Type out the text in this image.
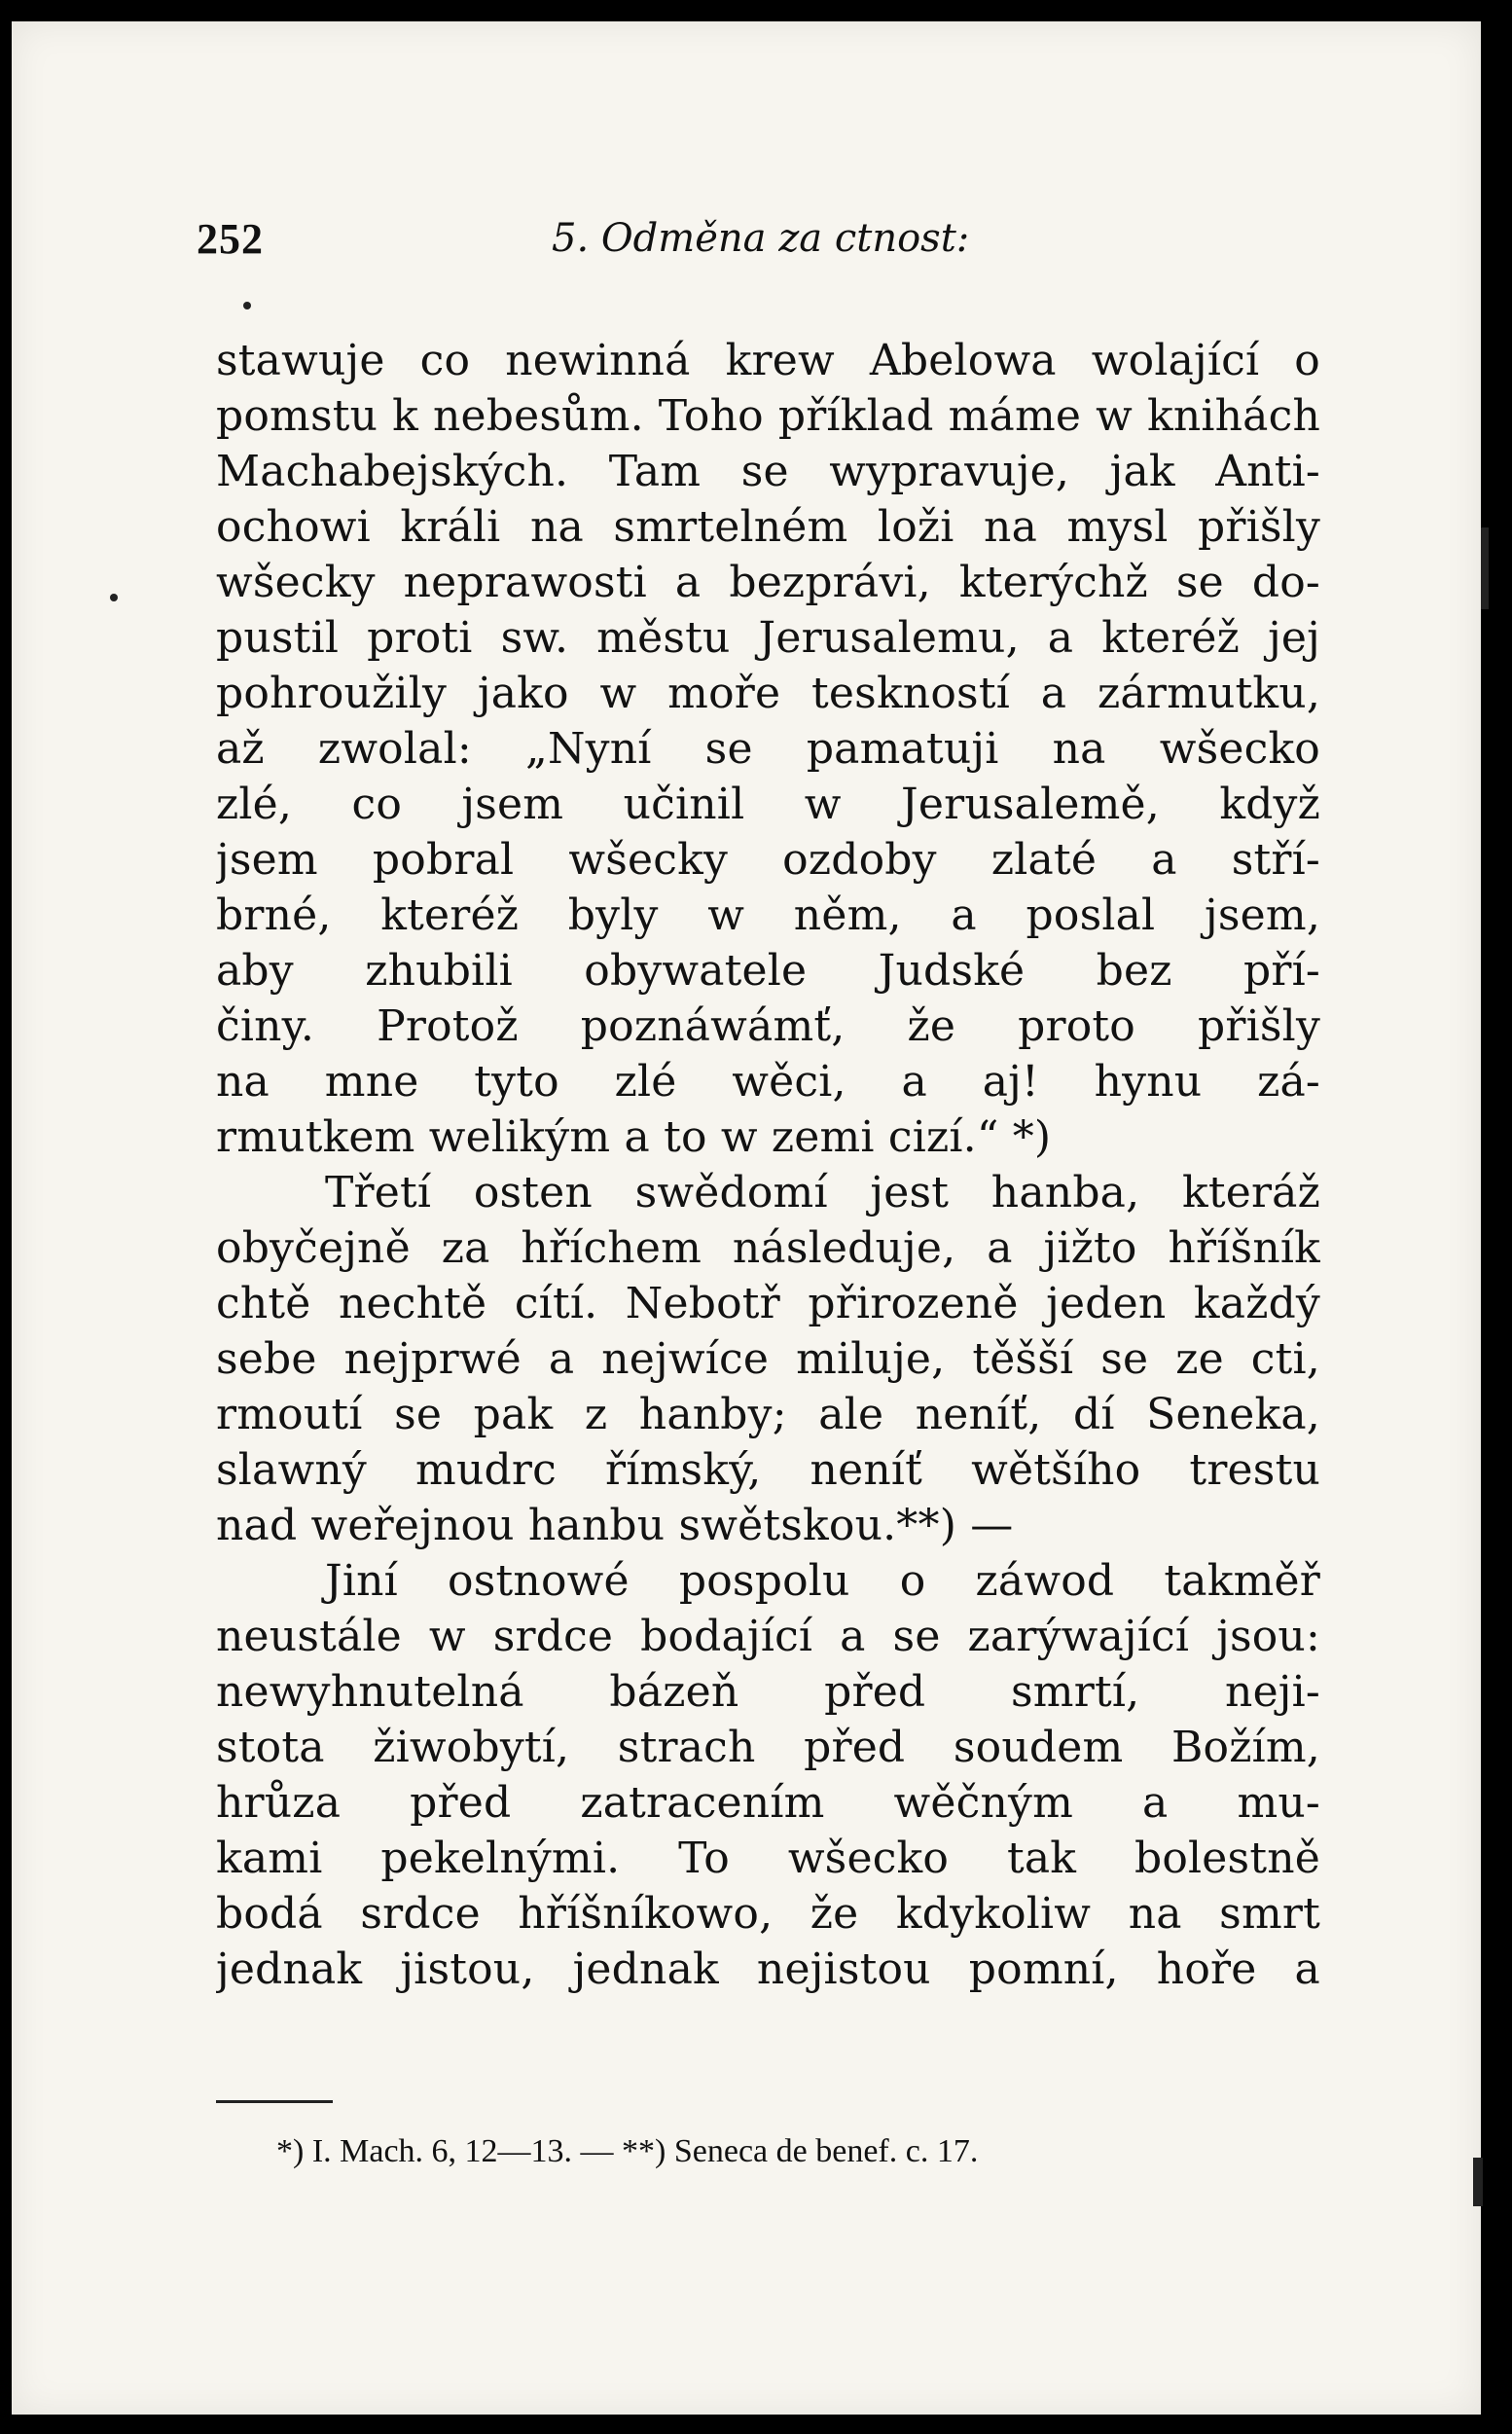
252	5. Odměna za ctnost:
stawuje co newinná krew Abelowa wolající o
pomstu k nebesům. Toho příklad máme w knihách
Machabejských. Tam se wypravuje, jak Anti-
ochowi králi na smrtelném loži na mysl přišly
wšecky neprawosti a bezprávi, kterýchž se do-
pustil proti sw. městu Jerusalemu, a kteréž jej
pohroužily jako w moře teskností a zármutku,
až zwolal: „Nyní se pamatuji na wšecko
zlé, co jsem učinil w Jerusalemě, když
jsem pobral wšecky ozdoby zlaté a stří-
brné, kteréž byly w něm, a poslal jsem,
aby zhubili obywatele Judské bez pří-
činy. Protož poznáwámť, že proto přišly
na mne tyto zlé wěci, a aj! hynu zá-
rmutkem welikým a to w zemi cizí.“ *)
Třetí osten swědomí jest hanba, kteráž
obyčejně za hříchem následuje, a jižto hříšník
chtě nechtě cítí. Nebotř přirozeně jeden každý
sebe nejprwé a nejwíce miluje, těšší se ze cti,
rmoutí se pak z hanby; ale neníť, dí Seneka,
slawný mudrc římský, neníť wětšího trestu
nad weřejnou hanbu swětskou.**) —
Jiní ostnowé pospolu o záwod takměř
neustále w srdce bodající a se zarýwající jsou:
newyhnutelná bázeň před smrtí, neji-
stota žiwobytí, strach před soudem Božím,
hrůza před zatracením wěčným a mu-
kami pekelnými. To wšecko tak bolestně
bodá srdce hříšníkowo, že kdykoliw na smrt
jednak jistou, jednak nejistou pomní, hoře a
*) I. Mach. 6, 12—13. — **) Seneca de benef. c. 17.
